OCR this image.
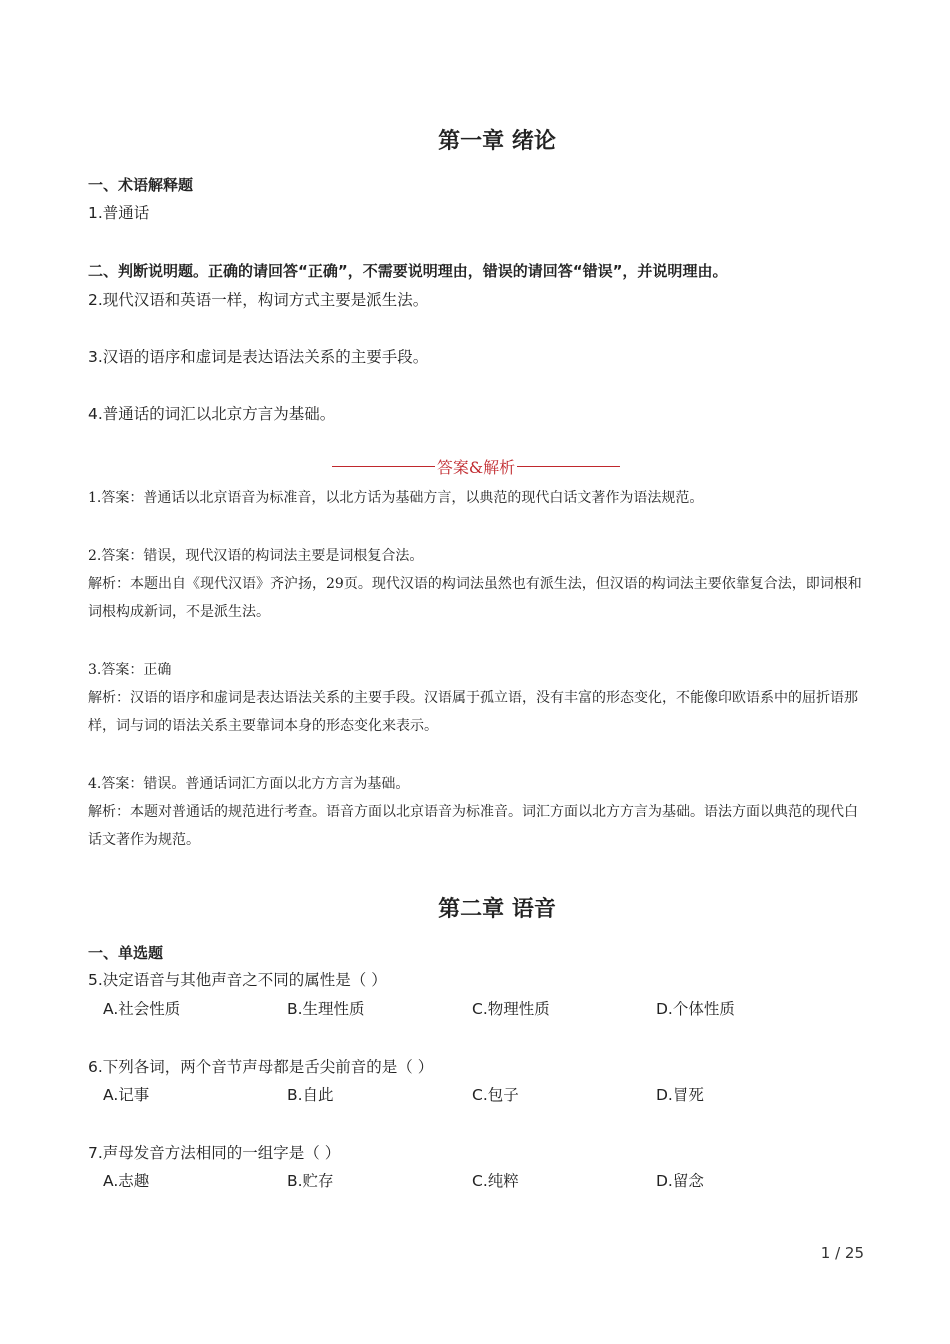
第一章 绪论

一、术语解释题

1.普通话

二、判断说明题。正确的请回答“正确”，不需要说明理由，错误的请回答“错误”，并说明理由。

2.现代汉语和英语一样，构词方式主要是派生法。

3.汉语的语序和虚词是表达语法关系的主要手段。

4.普通话的词汇以北京方言为基础。

答案&解析

1.答案：普通话以北京语音为标准音，以北方话为基础方言，以典范的现代白话文著作为语法规范。

2.答案：错误，现代汉语的构词法主要是词根复合法。

解析：本题出自《现代汉语》齐沪扬，29页。现代汉语的构词法虽然也有派生法，但汉语的构词法主要依靠复合法，即词根和词根构成新词，不是派生法。

3.答案：正确

解析：汉语的语序和虚词是表达语法关系的主要手段。汉语属于孤立语，没有丰富的形态变化，不能像印欧语系中的屈折语那样，词与词的语法关系主要靠词本身的形态变化来表示。

4.答案：错误。普通话词汇方面以北方方言为基础。

解析：本题对普通话的规范进行考查。语音方面以北京语音为标准音。词汇方面以北方方言为基础。语法方面以典范的现代白话文著作为规范。

第二章 语音

一、单选题

5.决定语音与其他声音之不同的属性是（ ）

A.社会性质	B.生理性质	C.物理性质	D.个体性质

6.下列各词，两个音节声母都是舌尖前音的是（ ）

A.记事	B.自此	C.包子	D.冒死

7.声母发音方法相同的一组字是（ ）

A.志趣	B.贮存	C.纯粹	D.留念

1 / 25
